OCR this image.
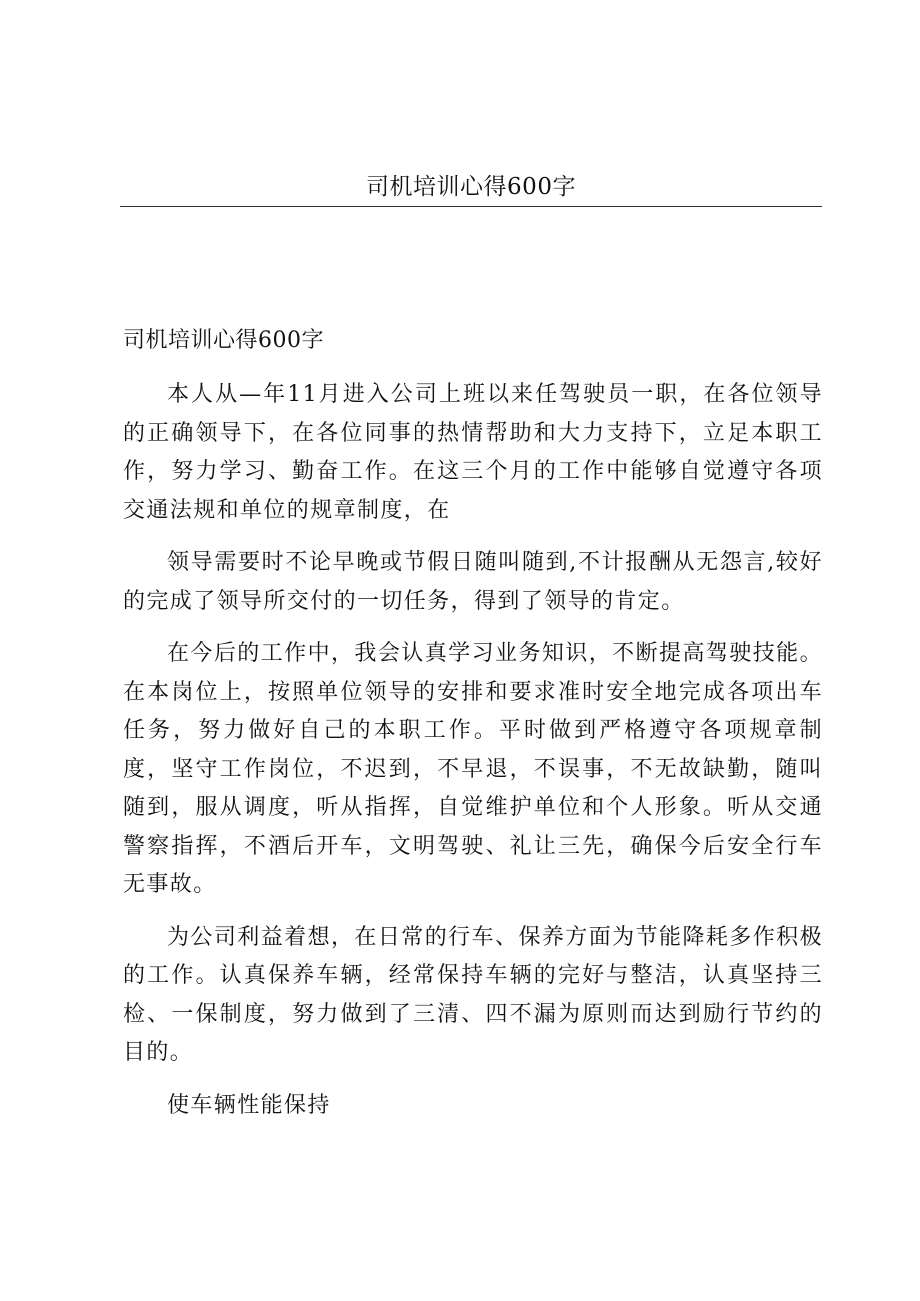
司机培训心得600字

司机培训心得600字

本人从—年11月进入公司上班以来任驾驶员一职，在各位领导的正确领导下，在各位同事的热情帮助和大力支持下，立足本职工作，努力学习、勤奋工作。在这三个月的工作中能够自觉遵守各项交通法规和单位的规章制度，在

领导需要时不论早晚或节假日随叫随到,不计报酬从无怨言,较好的完成了领导所交付的一切任务，得到了领导的肯定。

在今后的工作中，我会认真学习业务知识，不断提高驾驶技能。在本岗位上，按照单位领导的安排和要求准时安全地完成各项出车任务，努力做好自己的本职工作。平时做到严格遵守各项规章制度，坚守工作岗位，不迟到，不早退，不误事，不无故缺勤，随叫随到，服从调度，听从指挥，自觉维护单位和个人形象。听从交通警察指挥，不酒后开车，文明驾驶、礼让三先，确保今后安全行车无事故。

为公司利益着想，在日常的行车、保养方面为节能降耗多作积极的工作。认真保养车辆，经常保持车辆的完好与整洁，认真坚持三检、一保制度，努力做到了三清、四不漏为原则而达到励行节约的目的。

使车辆性能保持
